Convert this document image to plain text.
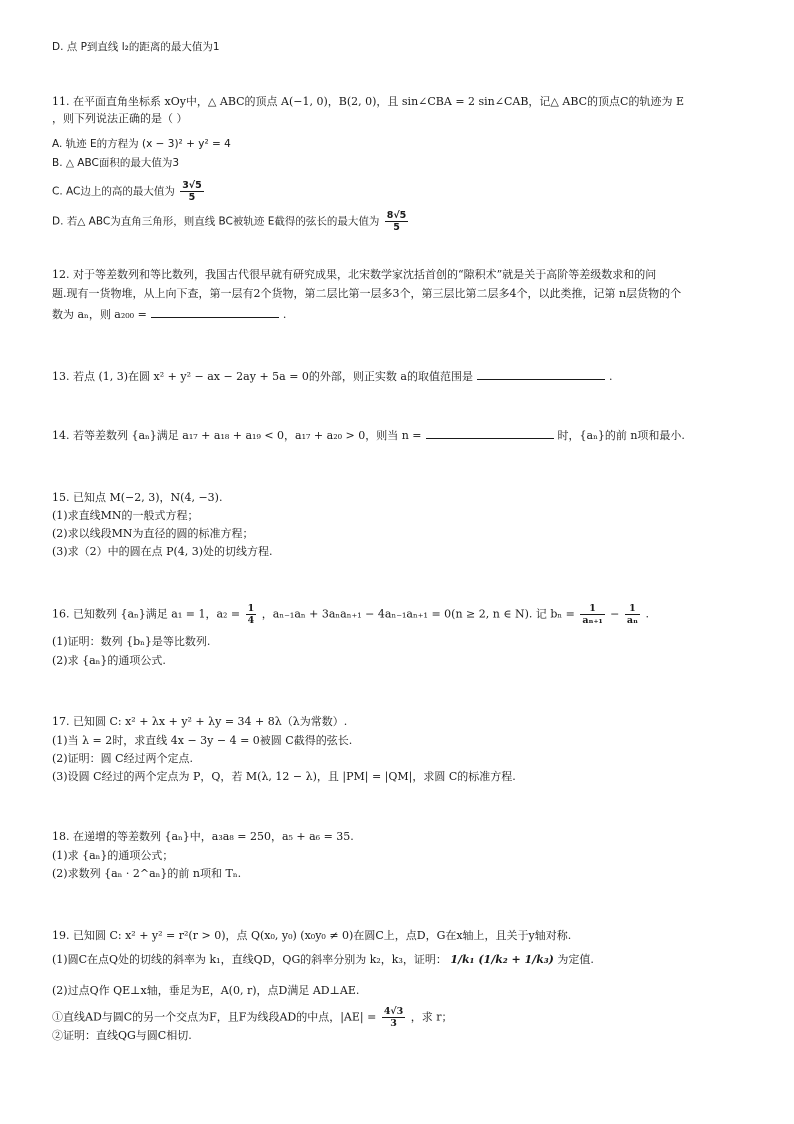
D. 点 P到直线 l₂的距离的最大值为1
11. 在平面直角坐标系 xOy中，△ ABC的顶点 A(−1, 0)，B(2, 0)，且 sin∠CBA = 2 sin∠CAB，记△ ABC的顶点C的轨迹为 E
，则下列说法正确的是（ ）
A. 轨迹 E的方程为 (x − 3)² + y² = 4
B. △ ABC面积的最大值为3
C. AC边上的高的最大值为 $\frac{3√5}{5}$
D. 若△ ABC为直角三角形，则直线 BC被轨迹 E截得的弦长的最大值为 $\frac{8√5}{5}$
12. 对于等差数列和等比数列，我国古代很早就有研究成果，北宋数学家沈括首创的“隙积术”就是关于高阶等差级数求和的问
题.现有一货物堆，从上向下查，第一层有2个货物，第二层比第一层多3个，第三层比第二层多4个，以此类推，记第 n层货物的个
数为 aₙ，则 a₂₀₀ =	.
13. 若点 (1, 3)在圆 x² + y² − ax − 2ay + 5a = 0的外部，则正实数 a的取值范围是	.
14. 若等差数列 {aₙ}满足 a₁₇ + a₁₈ + a₁₉ < 0，a₁₇ + a₂₀ > 0，则当 n =	时，{aₙ}的前 n项和最小.
15. 已知点 M(−2, 3)，N(4, −3).
(1)求直线MN的一般式方程；
(2)求以线段MN为直径的圆的标准方程；
(3)求（2）中的圆在点 P(4, 3)处的切线方程.
16. 已知数列 {aₙ}满足 a₁ = 1，$a_2 = \frac{1}{4}$ ，aₙ₋₁aₙ + 3aₙaₙ₊₁ − 4aₙ₋₁aₙ₊₁ = 0(n ≥ 2, n ∈ N). 记 $b_n = \frac{1}{\text{aₙ₊₁}} - \frac{1}{\text{aₙ}}$ .
(1)证明：数列 {bₙ}是等比数列.
(2)求 {aₙ}的通项公式.
17. 已知圆 C: x² + λx + y² + λy = 34 + 8λ（λ为常数）.
(1)当 λ = 2时，求直线 4x − 3y − 4 = 0被圆 C截得的弦长.
(2)证明：圆 C经过两个定点.
(3)设圆 C经过的两个定点为 P，Q，若 M(λ, 12 − λ)，且 |PM| = |QM|，求圆 C的标准方程.
18. 在递增的等差数列 {aₙ}中，a₃a₈ = 250，a₅ + a₆ = 35.
(1)求 {aₙ}的通项公式；
(2)求数列 {aₙ · 2^aₙ}的前 n项和 Tₙ.
19. 已知圆 C: x² + y² = r²(r > 0)，点 Q(x₀, y₀) (x₀y₀ ≠ 0)在圆C上，点D，G在x轴上，且关于y轴对称.
(1)圆C在点Q处的切线的斜率为 k₁，直线QD，QG的斜率分别为 k₂，k₃，证明： 1/k₁ (1/k₂ + 1/k₃) 为定值.
(2)过点Q作 QE⊥x轴，垂足为E，A(0, r)，点D满足 AD⊥AE.
①直线AD与圆C的另一个交点为F，且F为线段AD的中点，$|AE| = \frac{4√3}{3}$ ，求 r；
②证明：直线QG与圆C相切.
